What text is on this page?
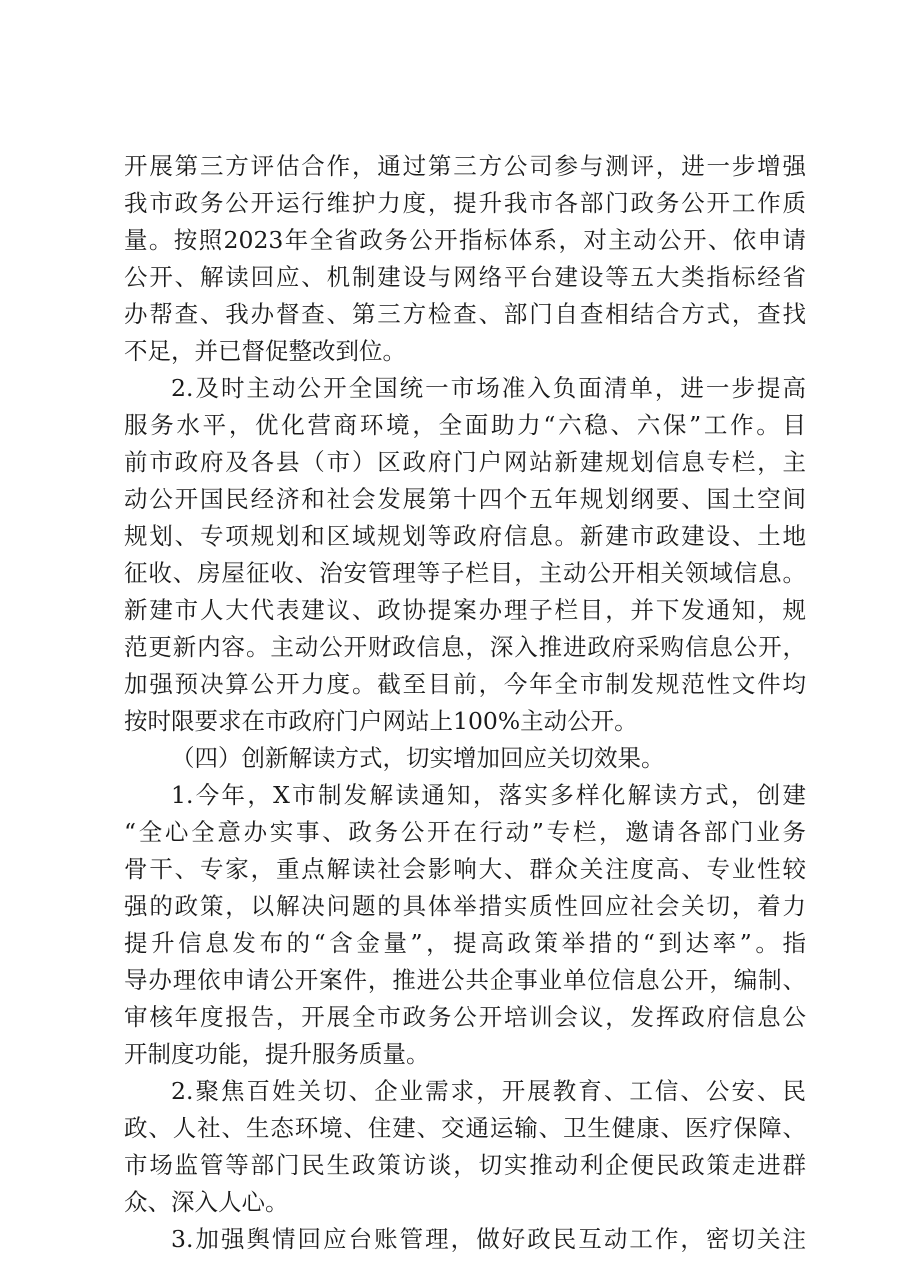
开展第三方评估合作，通过第三方公司参与测评，进一步增强

我市政务公开运行维护力度，提升我市各部门政务公开工作质

量。按照2023年全省政务公开指标体系，对主动公开、依申请

公开、解读回应、机制建设与网络平台建设等五大类指标经省

办帮查、我办督查、第三方检查、部门自查相结合方式，查找

不足，并已督促整改到位。

2.及时主动公开全国统一市场准入负面清单，进一步提高

服务水平，优化营商环境，全面助力“六稳、六保”工作。目

前市政府及各县（市）区政府门户网站新建规划信息专栏，主

动公开国民经济和社会发展第十四个五年规划纲要、国土空间

规划、专项规划和区域规划等政府信息。新建市政建设、土地

征收、房屋征收、治安管理等子栏目，主动公开相关领域信息。

新建市人大代表建议、政协提案办理子栏目，并下发通知，规

范更新内容。主动公开财政信息，深入推进政府采购信息公开，

加强预决算公开力度。截至目前，今年全市制发规范性文件均

按时限要求在市政府门户网站上100%主动公开。

（四）创新解读方式，切实增加回应关切效果。

1.今年，X市制发解读通知，落实多样化解读方式，创建

“全心全意办实事、政务公开在行动”专栏，邀请各部门业务

骨干、专家，重点解读社会影响大、群众关注度高、专业性较

强的政策，以解决问题的具体举措实质性回应社会关切，着力

提升信息发布的“含金量”，提高政策举措的“到达率”。指

导办理依申请公开案件，推进公共企事业单位信息公开，编制、

审核年度报告，开展全市政务公开培训会议，发挥政府信息公

开制度功能，提升服务质量。

2.聚焦百姓关切、企业需求，开展教育、工信、公安、民

政、人社、生态环境、住建、交通运输、卫生健康、医疗保障、

市场监管等部门民生政策访谈，切实推动利企便民政策走进群

众、深入人心。

3.加强舆情回应台账管理，做好政民互动工作，密切关注
